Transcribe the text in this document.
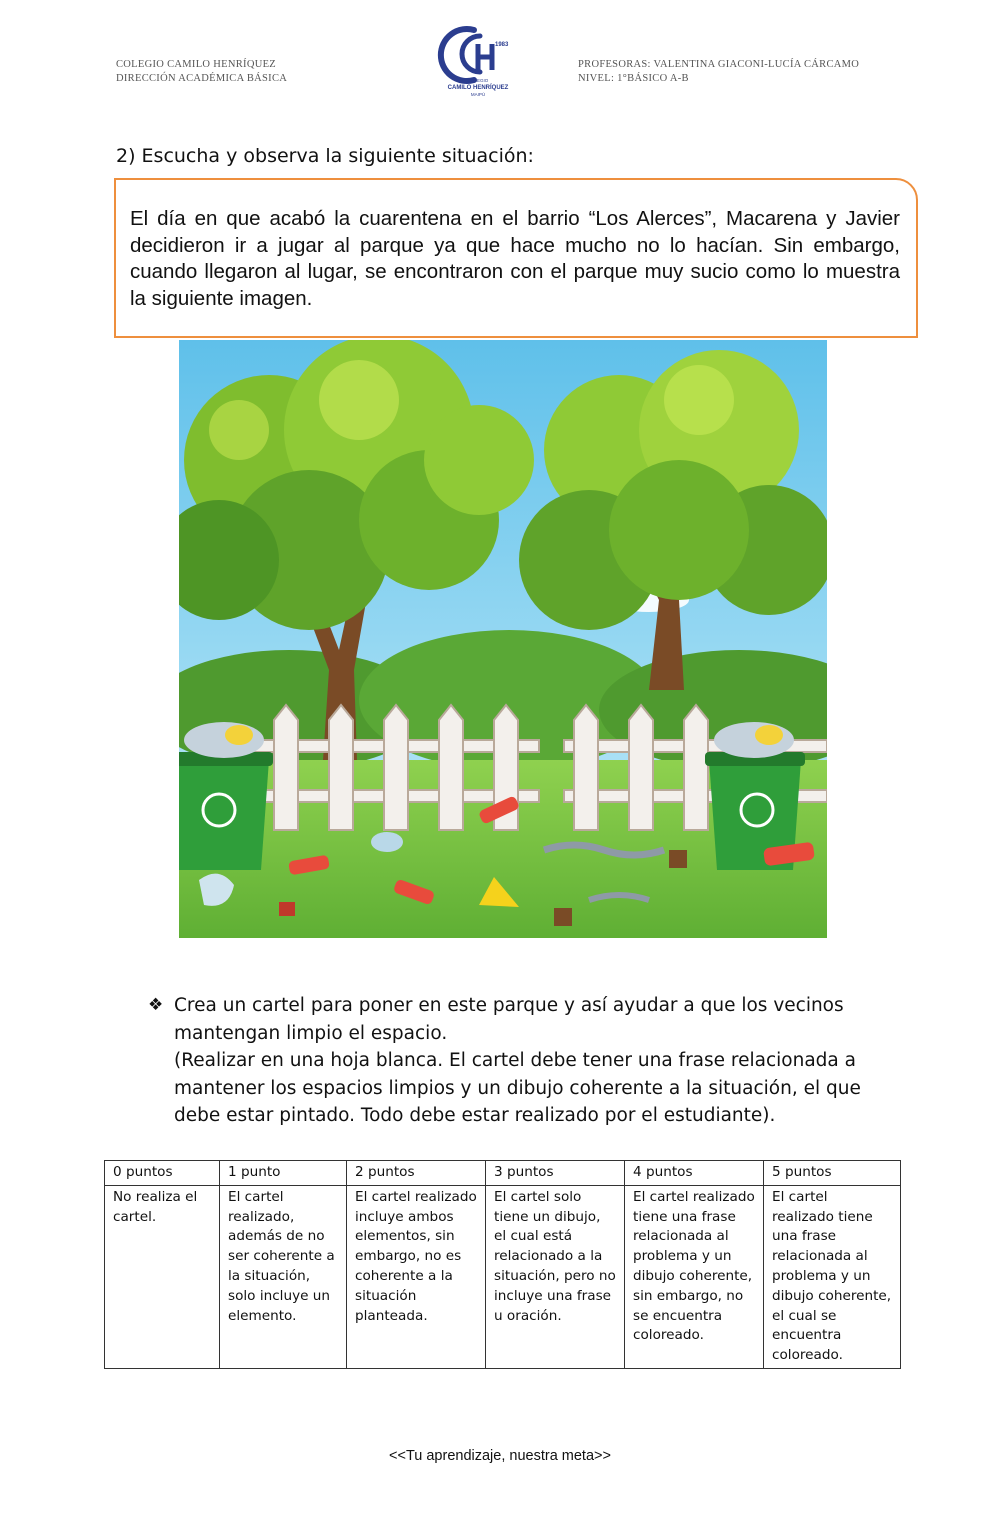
COLEGIO CAMILO HENRÍQUEZ
DIRECCIÓN ACADÉMICA BÁSICA
1983
COLEGIO
CAMILO HENRÍQUEZ
MAIPÚ
PROFESORAS: VALENTINA GIACONI-LUCÍA CÁRCAMO
NIVEL: 1°BÁSICO A-B
2) Escucha y observa la siguiente situación:
El día en que acabó la cuarentena en el barrio “Los Alerces”, Macarena y Javier decidieron ir a jugar al parque ya que hace mucho no lo hacían. Sin embargo, cuando llegaron al lugar, se encontraron con el parque muy sucio como lo muestra la siguiente imagen.
❖ Crea un cartel para poner en este parque y así ayudar a que los vecinos mantengan limpio el espacio.
(Realizar en una hoja blanca. El cartel debe tener una frase relacionada a mantener los espacios limpios y un dibujo coherente a la situación, el que debe estar pintado. Todo debe estar realizado por el estudiante).
0 puntos	1 punto	2 puntos	3 puntos	4 puntos	5 puntos
No realiza el cartel.	El cartel realizado, además de no ser coherente a la situación, solo incluye un elemento.	El cartel realizado incluye ambos elementos, sin embargo, no es coherente a la situación planteada.	El cartel solo tiene un dibujo, el cual está relacionado a la situación, pero no incluye una frase u oración.	El cartel realizado tiene una frase relacionada al problema y un dibujo coherente, sin embargo, no se encuentra coloreado.	El cartel realizado tiene una frase relacionada al problema y un dibujo coherente, el cual se encuentra coloreado.
<<Tu aprendizaje, nuestra meta>>
